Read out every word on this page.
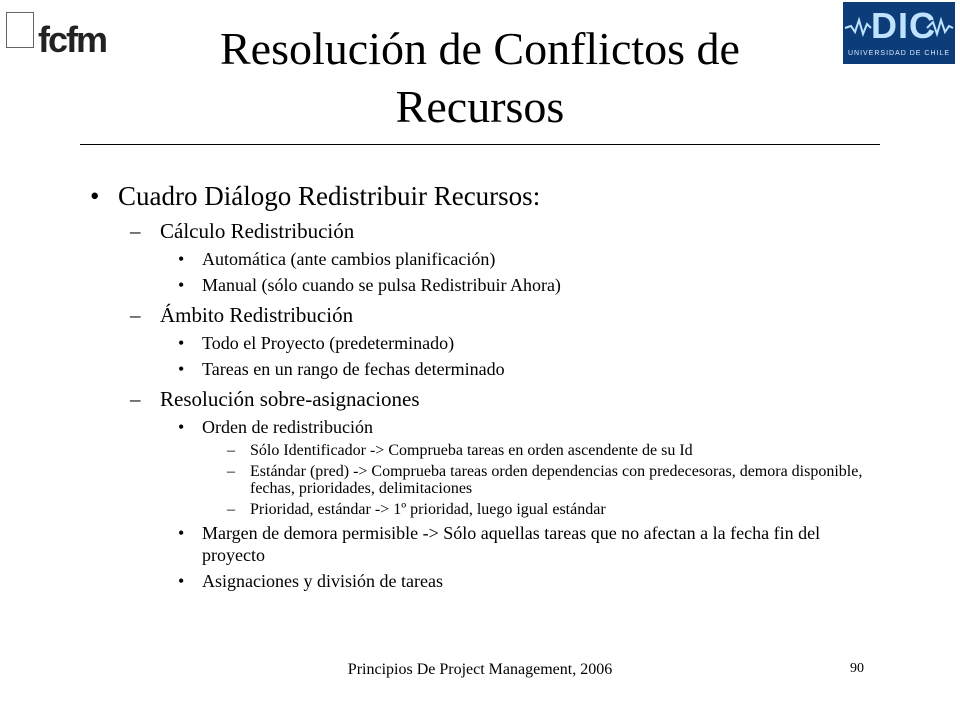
fcfm	DIC
UNIVERSIDAD DE CHILE
Resolución de Conflictos de
Recursos
• Cuadro Diálogo Redistribuir Recursos:
– Cálculo Redistribución
• Automática (ante cambios planificación)
• Manual (sólo cuando se pulsa Redistribuir Ahora)
– Ámbito Redistribución
• Todo el Proyecto (predeterminado)
• Tareas en un rango de fechas determinado
– Resolución sobre-asignaciones
• Orden de redistribución
– Sólo Identificador -> Comprueba tareas en orden ascendente de su Id
– Estándar (pred) -> Comprueba tareas orden dependencias con predecesoras, demora disponible, fechas, prioridades, delimitaciones
– Prioridad, estándar -> 1º prioridad, luego igual estándar
• Margen de demora permisible -> Sólo aquellas tareas que no afectan a la fecha fin del proyecto
• Asignaciones y división de tareas
Principios De Project Management, 2006	90
